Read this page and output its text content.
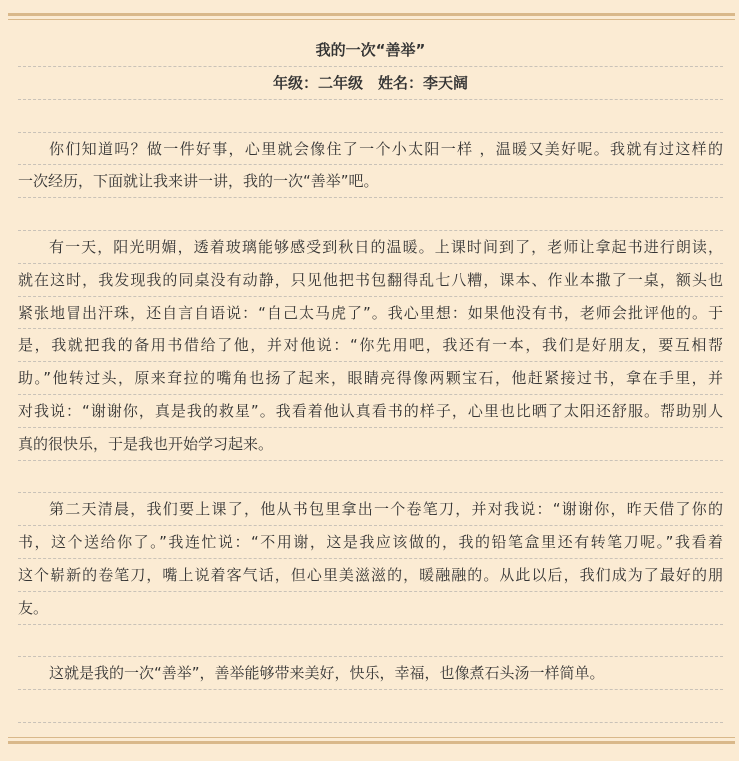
我的一次“善举”
年级：二年级　姓名：李天阔
你们知道吗？做一件好事，心里就会像住了一个小太阳一样 ，温暖又美好呢。我就有过这样的
一次经历，下面就让我来讲一讲，我的一次“善举”吧。
有一天，阳光明媚，透着玻璃能够感受到秋日的温暖。上课时间到了，老师让拿起书进行朗读，
就在这时，我发现我的同桌没有动静，只见他把书包翻得乱七八糟，课本、作业本撒了一桌，额头也
紧张地冒出汗珠，还自言自语说：“自己太马虎了”。我心里想：如果他没有书，老师会批评他的。于
是，我就把我的备用书借给了他，并对他说：“你先用吧，我还有一本，我们是好朋友，要互相帮
助。”他转过头，原来耷拉的嘴角也扬了起来，眼睛亮得像两颗宝石，他赶紧接过书，拿在手里，并
对我说：“谢谢你，真是我的救星”。我看着他认真看书的样子，心里也比晒了太阳还舒服。帮助别人
真的很快乐，于是我也开始学习起来。
第二天清晨，我们要上课了，他从书包里拿出一个卷笔刀，并对我说：“谢谢你，昨天借了你的
书，这个送给你了。”我连忙说：“不用谢，这是我应该做的，我的铅笔盒里还有转笔刀呢。”我看着
这个崭新的卷笔刀，嘴上说着客气话，但心里美滋滋的，暖融融的。从此以后，我们成为了最好的朋
友。
这就是我的一次“善举”，善举能够带来美好，快乐，幸福，也像煮石头汤一样简单。
